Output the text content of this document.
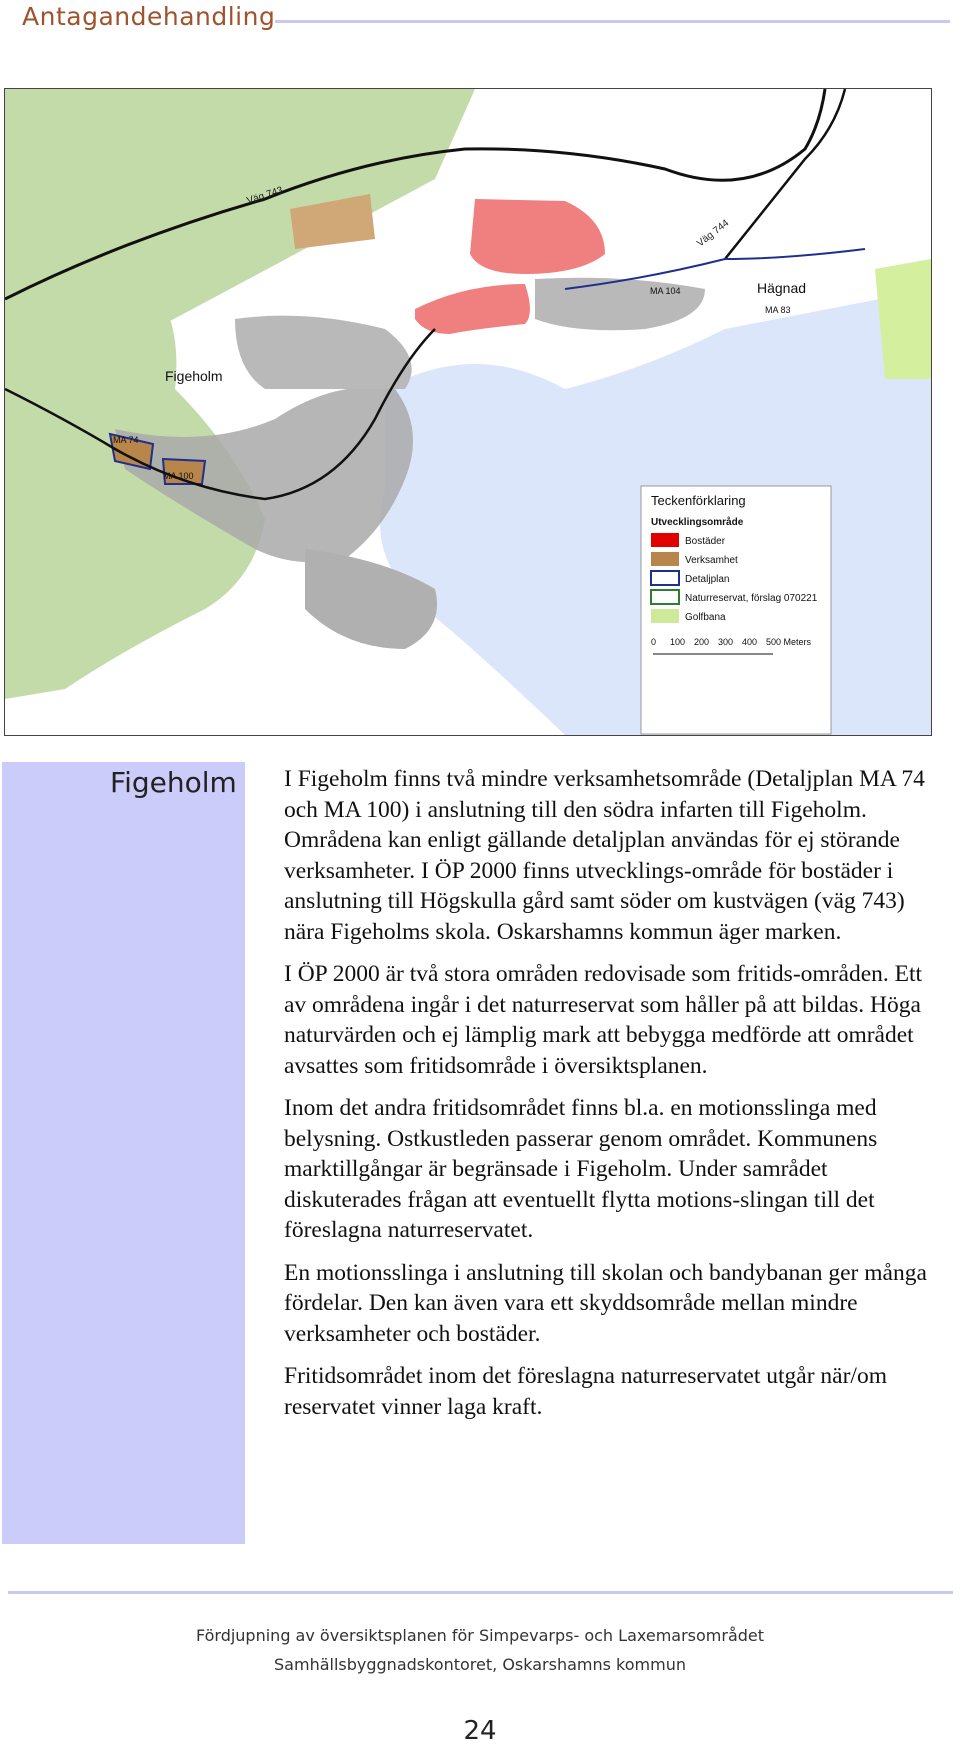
Antagandehandling
Väg 743
Väg 744
Figeholm
Hägnad
MA 74
MA 100
MA 104
MA 83
Teckenförklaring
Utvecklingsområde
Bostäder
Verksamhet
Detaljplan
Naturreservat, förslag 070221
Golfbana
0 100 200 300 400 500 Meters
Figeholm I Figeholm finns två mindre verksamhetsområde (Detaljplan MA 74 och MA 100) i anslutning till den södra infarten till Figeholm. Områdena kan enligt gällande detaljplan användas för ej störande verksamheter. I ÖP 2000 finns utvecklings-område för bostäder i anslutning till Högskulla gård samt söder om kustvägen (väg 743) nära Figeholms skola. Oskarshamns kommun äger marken.

I ÖP 2000 är två stora områden redovisade som fritids-områden. Ett av områdena ingår i det naturreservat som håller på att bildas. Höga naturvärden och ej lämplig mark att bebygga medförde att området avsattes som fritidsområde i översiktsplanen.

Inom det andra fritidsområdet finns bl.a. en motionsslinga med belysning. Ostkustleden passerar genom området. Kommunens marktillgångar är begränsade i Figeholm. Under samrådet diskuterades frågan att eventuellt flytta motions-slingan till det föreslagna naturreservatet.

En motionsslinga i anslutning till skolan och bandybanan ger många fördelar. Den kan även vara ett skyddsområde mellan mindre verksamheter och bostäder.

Fritidsområdet inom det föreslagna naturreservatet utgår när/om reservatet vinner laga kraft.

Fördjupning av översiktsplanen för Simpevarps- och Laxemarsområdet
Samhällsbyggnadskontoret, Oskarshamns kommun
24
